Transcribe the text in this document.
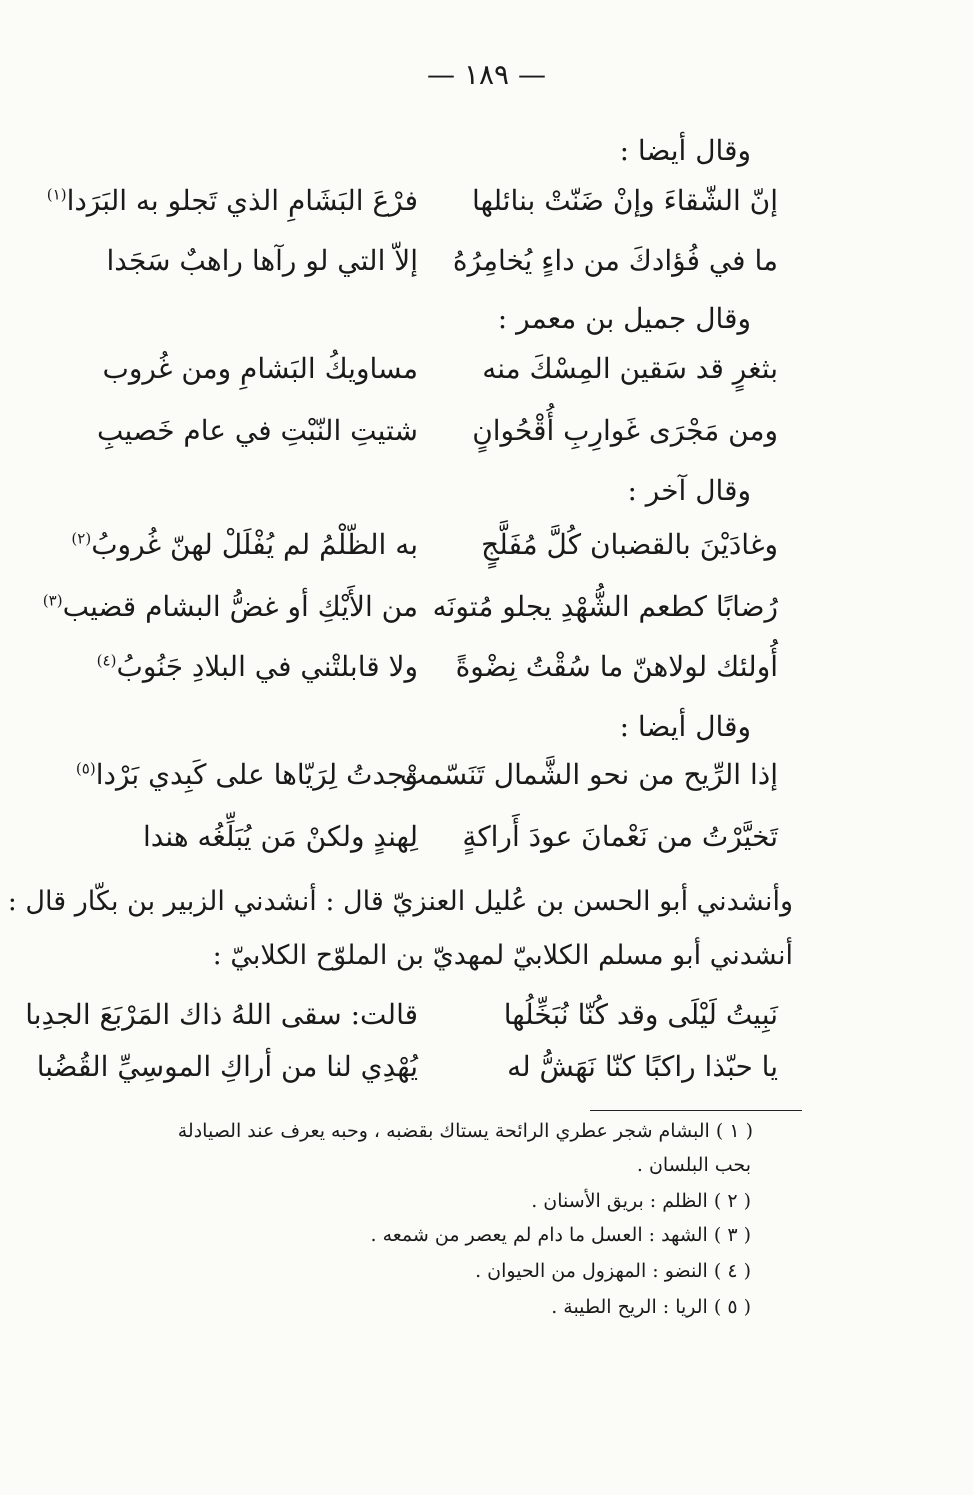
— ١٨٩ —
وقال أيضا :
إنّ الشّقاءَ وإنْ ضَنّتْ بنائلها
فرْعَ البَشَامِ الذي تَجلو به البَرَدا$^{(١)}$
ما في فُؤادكَ من داءٍ يُخامِرُهُ
إلاّ التي لو رآها راهبٌ سَجَدا
وقال جميل بن معمر :
بثغرٍ قد سَقين المِسْكَ منه
مساويكُ البَشامِ ومن غُروب
ومن مَجْرَى غَوارِبِ أُقْحُوانٍ
شتيتِ النّبْتِ في عام خَصيبِ
وقال آخر :
وغادَيْنَ بالقضبان كُلَّ مُفَلَّجٍ
به الظّلْمُ لم يُفْلَلْ لهنّ غُروبُ$^{(٢)}$
رُضابًا كطعم الشُّهْدِ يجلو مُتونَه
من الأَيْكِ أو غضُّ البشام قضيب$^{(٣)}$
أُولئك لولاهنّ ما سُقْتُ نِضْوةً
ولا قابلتْني في البلادِ جَنُوبُ$^{(٤)}$
وقال أيضا :
إذا الرِّيح من نحو الشَّمال تَنَسّمتْ
وجدتُ لِرَيّاها على كَبِدي بَرْدا$^{(٥)}$
تَخيَّرْتُ من نَعْمانَ عودَ أَراكةٍ
لِهندٍ ولكنْ مَن يُبَلِّغُه هندا
وأنشدني أبو الحسن بن عُليل العنزيّ قال : أنشدني الزبير بن بكّار قال :
أنشدني أبو مسلم الكلابيّ لمهديّ بن الملوّح الكلابيّ :
نَبِيتُ لَيْلَى وقد كُنّا نُبَخِّلُها
قالت: سقى اللهُ ذاك المَرْبَعَ الجدِبا
يا حبّذا راكبًا كنّا نَهَشُّ له
يُهْدِي لنا من أراكِ الموسِيِّ القُضُبا
( ١ ) البشام شجر عطري الرائحة يستاك بقضبه ، وحبه يعرف عند الصيادلة
بحب البلسان .
( ٢ ) الظلم : بريق الأسنان .
( ٣ ) الشهد : العسل ما دام لم يعصر من شمعه .
( ٤ ) النضو : المهزول من الحيوان .
( ٥ ) الريا : الريح الطيبة .
